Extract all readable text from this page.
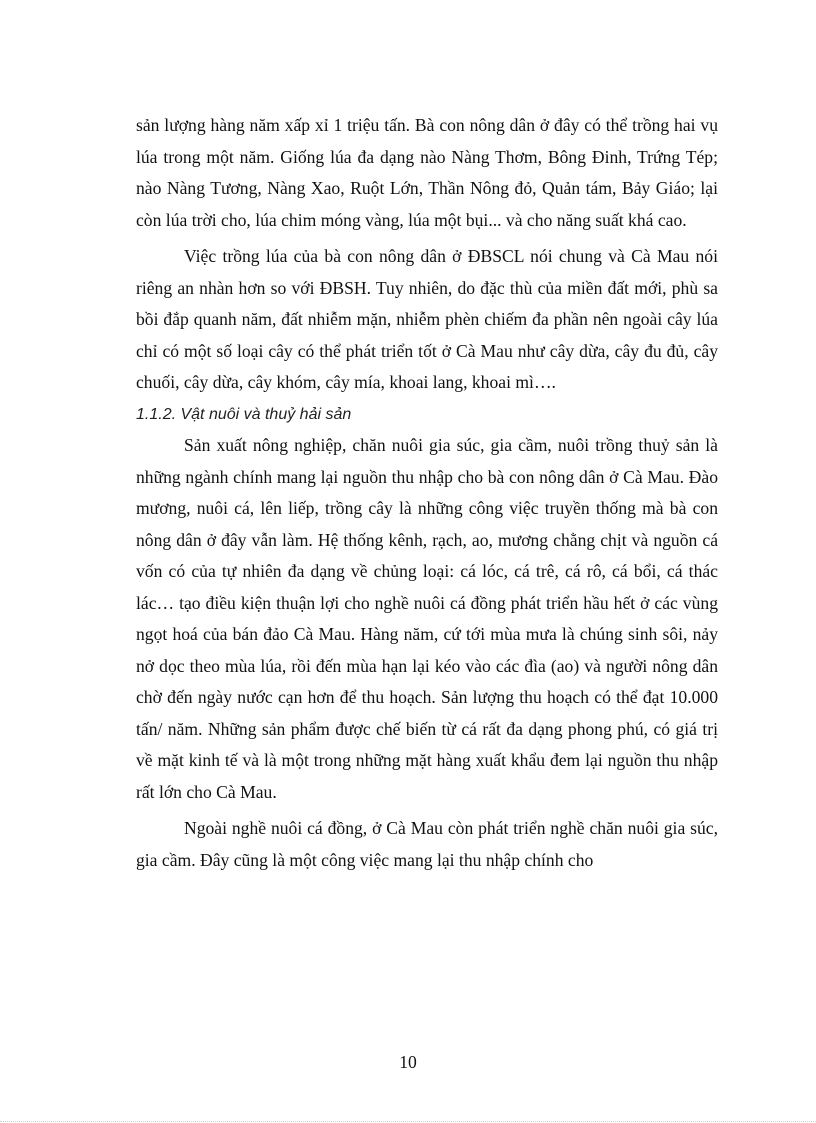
sản lượng hàng năm xấp xỉ 1 triệu tấn. Bà con nông dân ở đây có thể trồng hai vụ lúa trong một năm. Giống lúa đa dạng nào Nàng Thơm, Bông Đinh, Trứng Tép; nào Nàng Tương, Nàng Xao, Ruột Lớn, Thần Nông đỏ, Quản tám, Bảy Giáo; lại còn lúa trời cho, lúa chim móng vàng, lúa một bụi... và cho năng suất khá cao.

Việc trồng lúa của bà con nông dân ở ĐBSCL nói chung và Cà Mau nói riêng an nhàn hơn so với ĐBSH. Tuy nhiên, do đặc thù của miền đất mới, phù sa bồi đắp quanh năm, đất nhiễm mặn, nhiễm phèn chiếm đa phần nên ngoài cây lúa chỉ có một số loại cây có thể phát triển tốt ở Cà Mau như cây dừa, cây đu đủ, cây chuối, cây dừa, cây khóm, cây mía, khoai lang, khoai mì….

1.1.2. Vật nuôi và thuỷ hải sản

Sản xuất nông nghiệp, chăn nuôi gia súc, gia cầm, nuôi trồng thuỷ sản là những ngành chính mang lại nguồn thu nhập cho bà con nông dân ở Cà Mau. Đào mương, nuôi cá, lên liếp, trồng cây là những công việc truyền thống mà bà con nông dân ở đây vẫn làm. Hệ thống kênh, rạch, ao, mương chằng chịt và nguồn cá vốn có của tự nhiên đa dạng về chủng loại: cá lóc, cá trê, cá rô, cá bổi, cá thác lác… tạo điều kiện thuận lợi cho nghề nuôi cá đồng phát triển hầu hết ở các vùng ngọt hoá của bán đảo Cà Mau. Hàng năm, cứ tới mùa mưa là chúng sinh sôi, nảy nở dọc theo mùa lúa, rồi đến mùa hạn lại kéo vào các đìa (ao) và người nông dân chờ đến ngày nước cạn hơn để thu hoạch. Sản lượng thu hoạch có thể đạt 10.000 tấn/ năm. Những sản phẩm được chế biến từ cá rất đa dạng phong phú, có giá trị về mặt kinh tế và là một trong những mặt hàng xuất khẩu đem lại nguồn thu nhập rất lớn cho Cà Mau.

Ngoài nghề nuôi cá đồng, ở Cà Mau còn phát triển nghề chăn nuôi gia súc, gia cầm. Đây cũng là một công việc mang lại thu nhập chính cho

10
